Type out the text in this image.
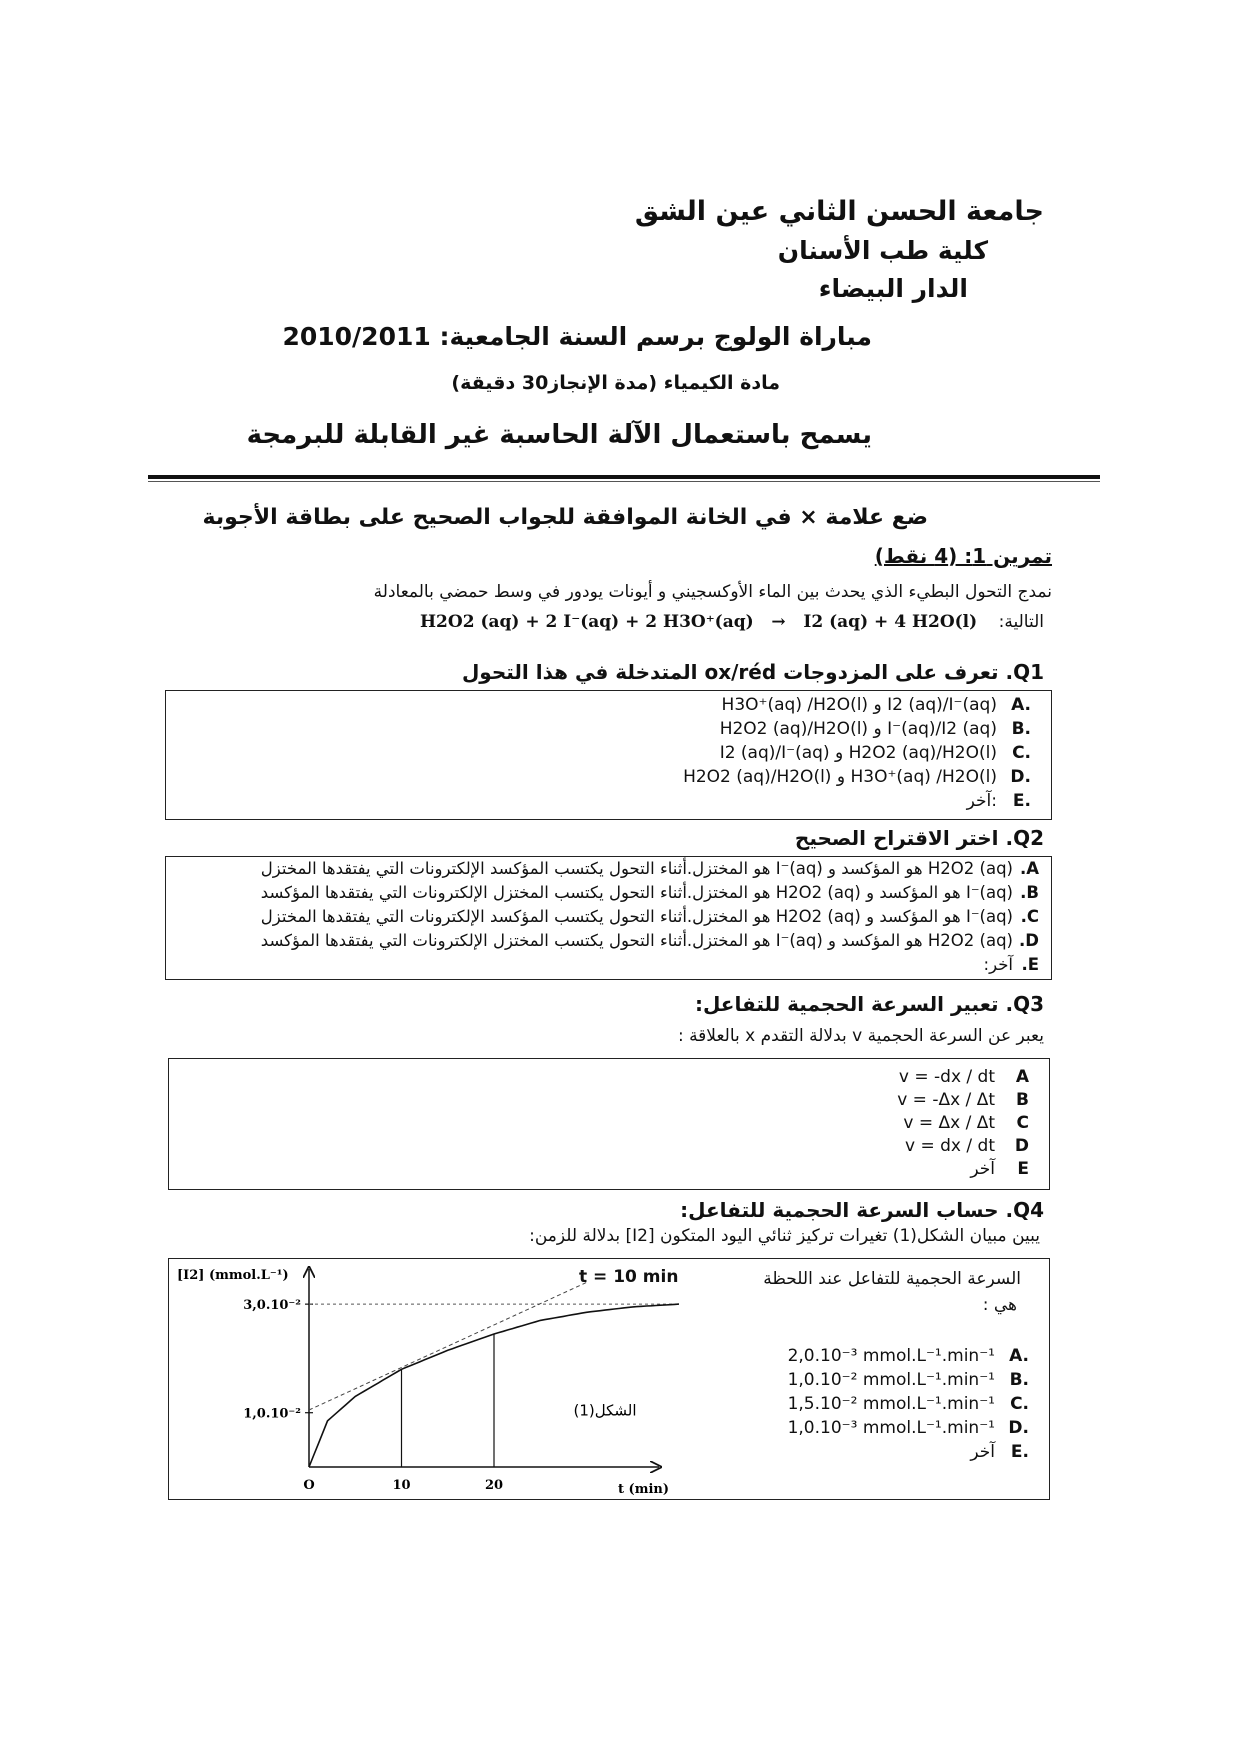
جامعة الحسن الثاني عين الشق
كلية طب الأسنان
الدار البيضاء
مباراة الولوج برسم السنة الجامعية: 2010/2011
مادة الكيمياء (مدة الإنجاز30 دقيقة)
يسمح باستعمال الآلة الحاسبة غير القابلة للبرمجة
ضع علامة × في الخانة الموافقة للجواب الصحيح على بطاقة الأجوبة
تمرين 1: (4 نقط)
نمدج التحول البطيء الذي يحدث بين الماء الأوكسجيني و أيونات يودور في وسط حمضي بالمعادلة
التالية:
H2O2 (aq) + 2 I⁻(aq) + 2 H3O⁺(aq)   →   I2 (aq) + 4 H2O(l)
Q1. تعرف على المزدوجات ox/réd المتدخلة في هذا التحول
H3O⁺(aq) /H2O(l) و I2 (aq)/I⁻(aq) A.
H2O2 (aq)/H2O(l) و I⁻(aq)/I2 (aq) B.
I2 (aq)/I⁻(aq) و H2O2 (aq)/H2O(l) C.
H2O2 (aq)/H2O(l) و H3O⁺(aq) /H2O(l) D.
آخر: E.
Q2. اختر الاقتراح الصحيح
A.H2O2 (aq) هو المؤكسد و I⁻(aq) هو المختزل.أثناء التحول يكتسب المؤكسد الإلكترونات التي يفتقدها المختزل
B.I⁻(aq) هو المؤكسد و H2O2 (aq) هو المختزل.أثناء التحول يكتسب المختزل الإلكترونات التي يفتقدها المؤكسد
C.I⁻(aq) هو المؤكسد و H2O2 (aq) هو المختزل.أثناء التحول يكتسب المؤكسد الإلكترونات التي يفتقدها المختزل
D.H2O2 (aq) هو المؤكسد و I⁻(aq) هو المختزل.أثناء التحول يكتسب المختزل الإلكترونات التي يفتقدها المؤكسد
E.آخر:
Q3. تعبير السرعة الحجمية للتفاعل:
يعبر عن السرعة الحجمية v بدلالة التقدم x بالعلاقة :
v = -dx / dt A
v = -Δx / Δt B
v = Δx / Δt C
v = dx / dt D
آخر E
Q4. حساب السرعة الحجمية للتفاعل:
يبين مبيان الشكل(1) تغيرات تركيز ثنائي اليود المتكون [I2] بدلالة للزمن:
1,0.10⁻²
3,0.10⁻²
O	10	20
[I2] (mmol.L⁻¹)
t (min)
الشكل(1)
السرعة الحجمية للتفاعل عند اللحظة
t = 10 min
هي :
2,0.10⁻³ mmol.L⁻¹.min⁻¹ A.
1,0.10⁻² mmol.L⁻¹.min⁻¹ B.
1,5.10⁻² mmol.L⁻¹.min⁻¹ C.
1,0.10⁻³ mmol.L⁻¹.min⁻¹ D.
آخر E.
